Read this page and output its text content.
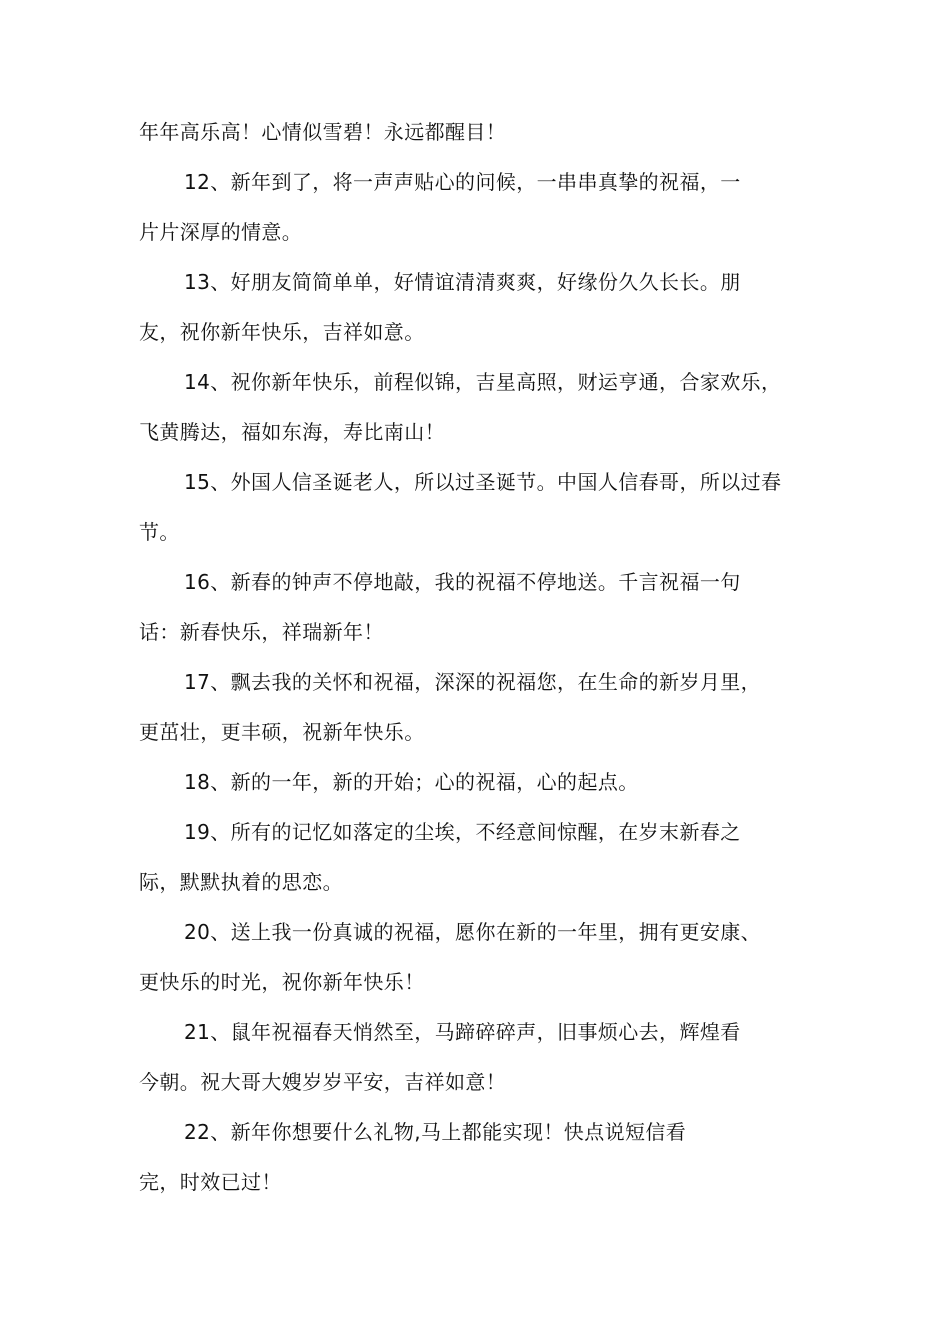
年年高乐高！心情似雪碧！永远都醒目！
12、新年到了，将一声声贴心的问候，一串串真挚的祝福，一
片片深厚的情意。
13、好朋友简简单单，好情谊清清爽爽，好缘份久久长长。朋
友，祝你新年快乐，吉祥如意。
14、祝你新年快乐，前程似锦，吉星高照，财运亨通，合家欢乐，
飞黄腾达，福如东海，寿比南山！
15、外国人信圣诞老人，所以过圣诞节。中国人信春哥，所以过春
节。
16、新春的钟声不停地敲，我的祝福不停地送。千言祝福一句
话：新春快乐，祥瑞新年！
17、飘去我的关怀和祝福，深深的祝福您，在生命的新岁月里，
更茁壮，更丰硕，祝新年快乐。
18、新的一年，新的开始；心的祝福，心的起点。
19、所有的记忆如落定的尘埃，不经意间惊醒，在岁末新春之
际，默默执着的思恋。
20、送上我一份真诚的祝福，愿你在新的一年里，拥有更安康、
更快乐的时光，祝你新年快乐！
21、鼠年祝福春天悄然至，马蹄碎碎声，旧事烦心去，辉煌看
今朝。祝大哥大嫂岁岁平安，吉祥如意！
22、新年你想要什么礼物,马上都能实现！快点说短信看
完，时效已过！
